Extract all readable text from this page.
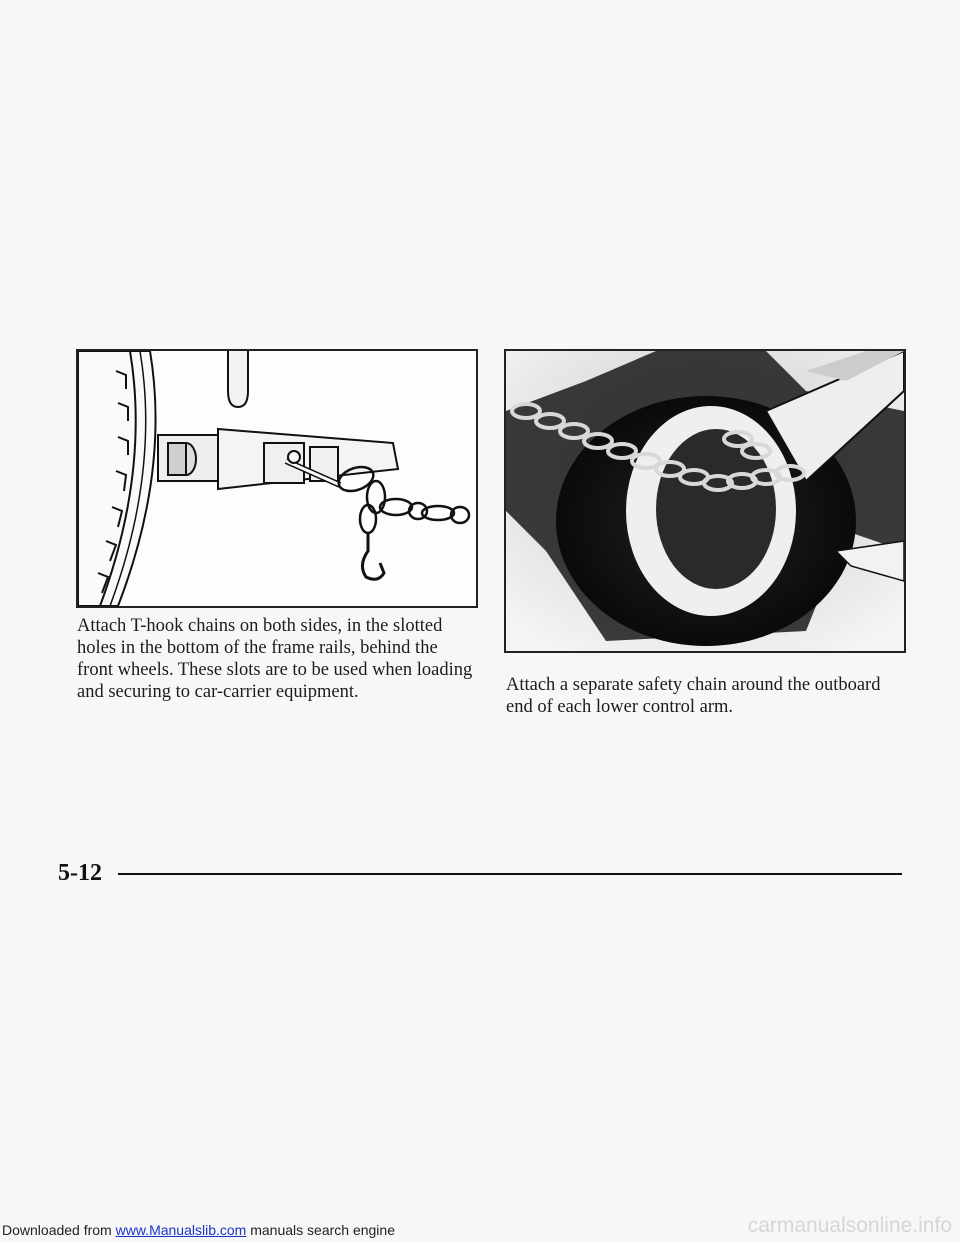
Attach T-hook chains on both sides, in the slotted holes in the bottom of the frame rails, behind the front wheels. These slots are to be used when loading and securing to car-carrier equipment.	Attach a separate safety chain around the outboard end of each lower control arm.
5-12
Downloaded from www.Manualslib.com manuals search engine	carmanualsonline.info
